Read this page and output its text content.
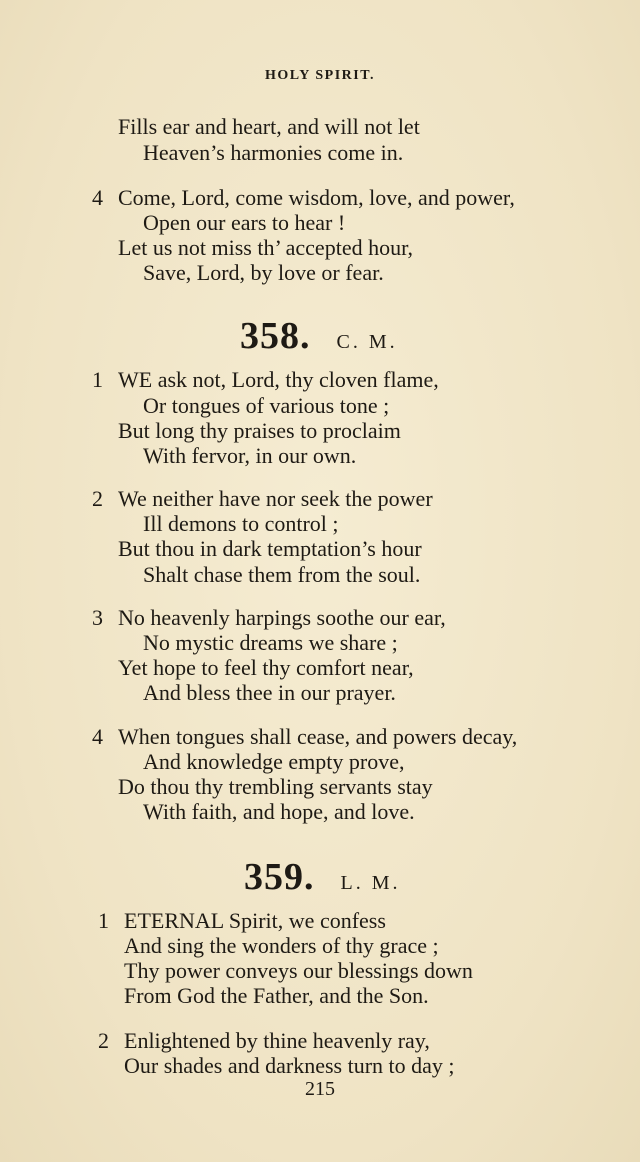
HOLY SPIRIT.
Fills ear and heart, and will not let
Heaven’s harmonies come in.
4 Come, Lord, come wisdom, love, and power,
Open our ears to hear !
Let us not miss th’ accepted hour,
Save, Lord, by love or fear.
358. C. M.
1 WE ask not, Lord, thy cloven flame,
Or tongues of various tone ;
But long thy praises to proclaim
With fervor, in our own.
2 We neither have nor seek the power
Ill demons to control ;
But thou in dark temptation’s hour
Shalt chase them from the soul.
3 No heavenly harpings soothe our ear,
No mystic dreams we share ;
Yet hope to feel thy comfort near,
And bless thee in our prayer.
4 When tongues shall cease, and powers decay,
And knowledge empty prove,
Do thou thy trembling servants stay
With faith, and hope, and love.
359. L. M.
1 ETERNAL Spirit, we confess
And sing the wonders of thy grace ;
Thy power conveys our blessings down
From God the Father, and the Son.
2 Enlightened by thine heavenly ray,
Our shades and darkness turn to day ;
215
